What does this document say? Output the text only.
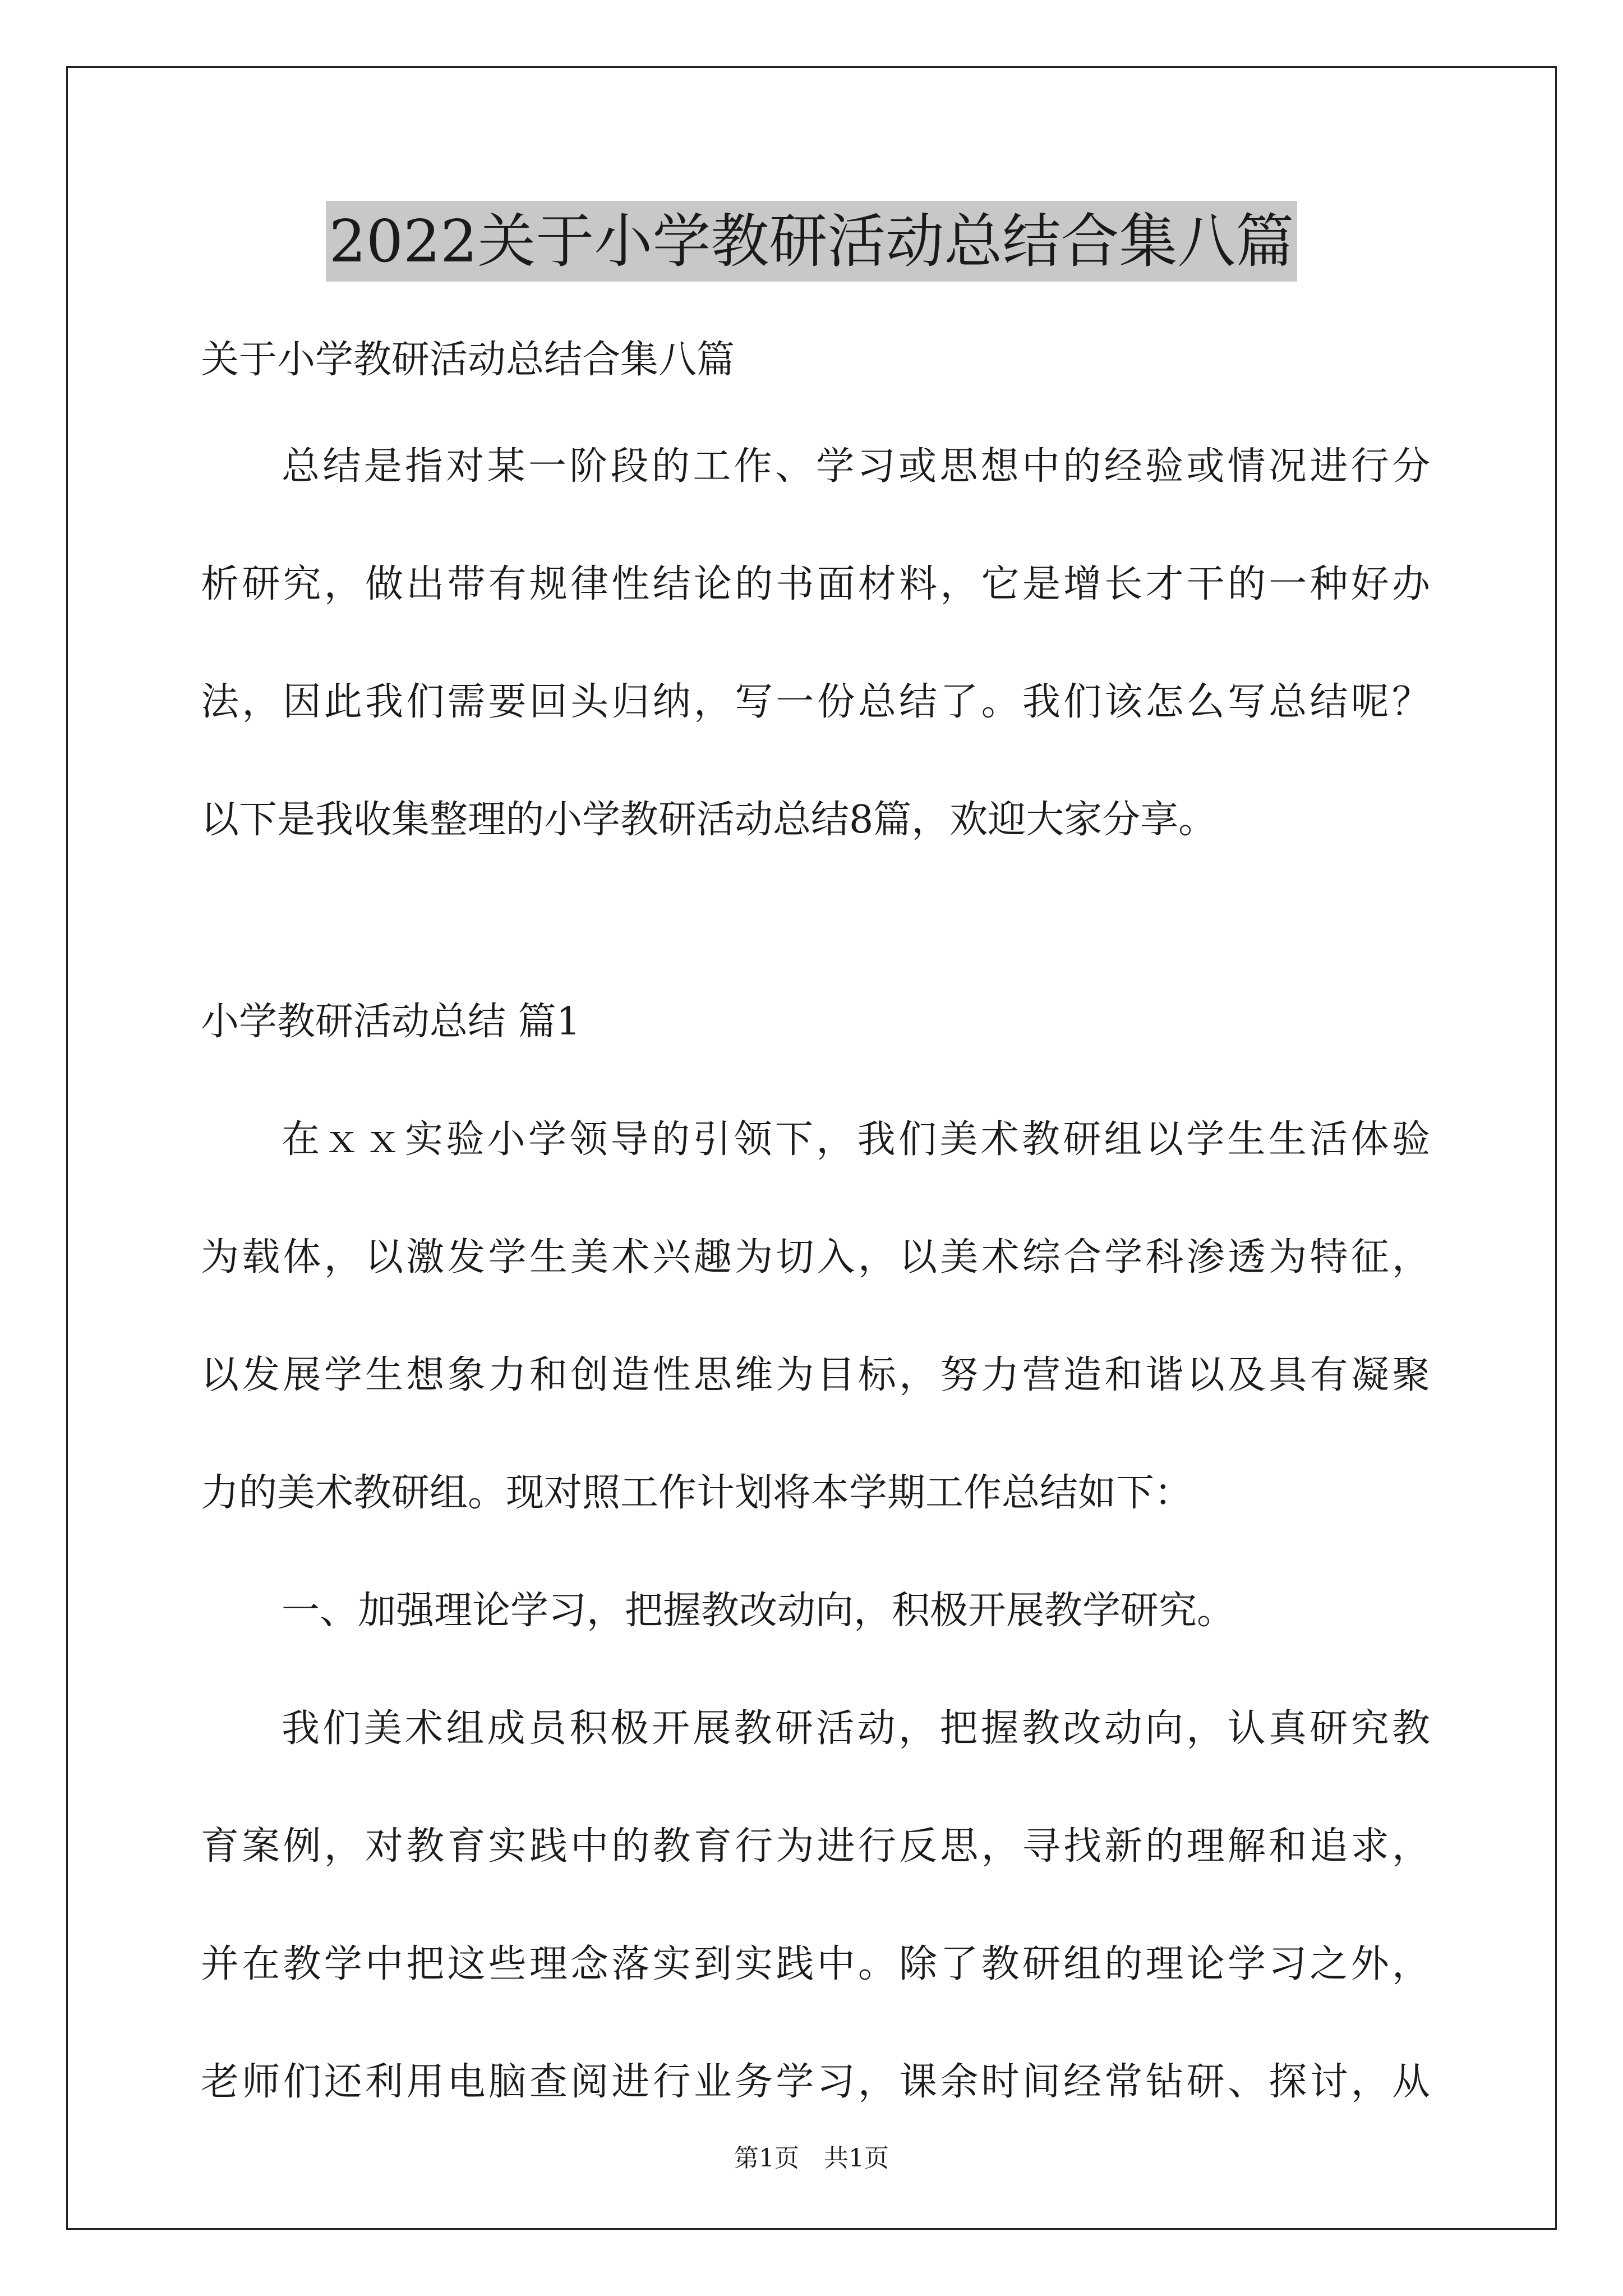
2022关于小学教研活动总结合集八篇
关于小学教研活动总结合集八篇
总结是指对某一阶段的工作、学习或思想中的经验或情况进行分
析研究，做出带有规律性结论的书面材料，它是增长才干的一种好办
法，因此我们需要回头归纳，写一份总结了。我们该怎么写总结呢？
以下是我收集整理的小学教研活动总结8篇，欢迎大家分享。
小学教研活动总结 篇1
在ｘｘ实验小学领导的引领下，我们美术教研组以学生生活体验
为载体，以激发学生美术兴趣为切入，以美术综合学科渗透为特征，
以发展学生想象力和创造性思维为目标，努力营造和谐以及具有凝聚
力的美术教研组。现对照工作计划将本学期工作总结如下：
一、加强理论学习，把握教改动向，积极开展教学研究。
我们美术组成员积极开展教研活动，把握教改动向，认真研究教
育案例，对教育实践中的教育行为进行反思，寻找新的理解和追求，
并在教学中把这些理念落实到实践中。除了教研组的理论学习之外，
第1页　共1页
老师们还利用电脑查阅进行业务学习，课余时间经常钻研、探讨，从
